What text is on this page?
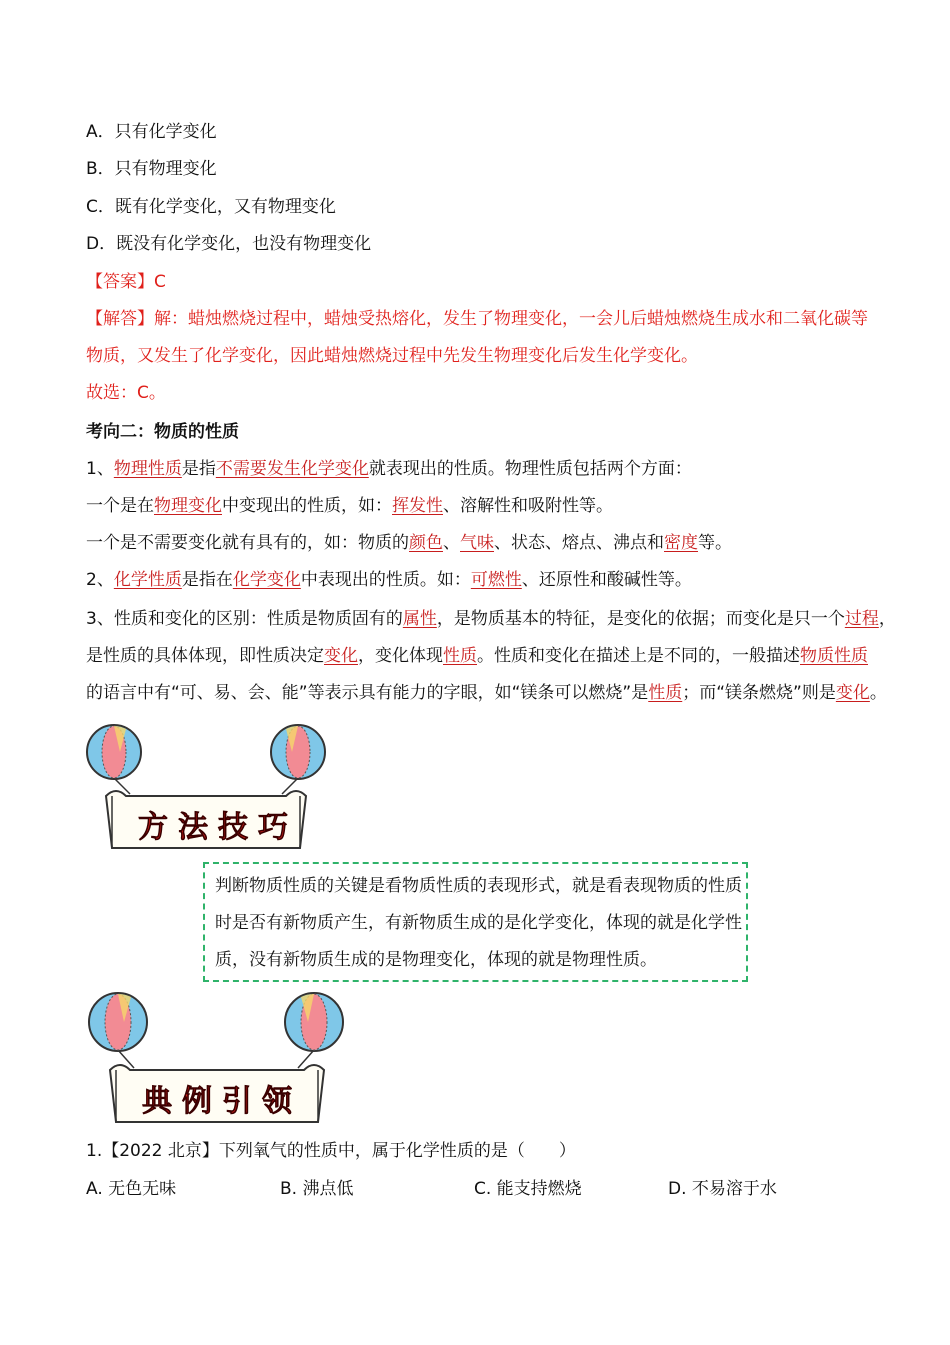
A．只有化学变化
B．只有物理变化
C．既有化学变化，又有物理变化
D．既没有化学变化，也没有物理变化
【答案】C
【解答】解：蜡烛燃烧过程中，蜡烛受热熔化，发生了物理变化，一会儿后蜡烛燃烧生成水和二氧化碳等
物质，又发生了化学变化，因此蜡烛燃烧过程中先发生物理变化后发生化学变化。
故选：C。
考向二：物质的性质
1、物理性质是指不需要发生化学变化就表现出的性质。物理性质包括两个方面：
一个是在物理变化中变现出的性质，如：挥发性、溶解性和吸附性等。
一个是不需要变化就有具有的，如：物质的颜色、气味、状态、熔点、沸点和密度等。
2、化学性质是指在化学变化中表现出的性质。如：可燃性、还原性和酸碱性等。
3、性质和变化的区别：性质是物质固有的属性，是物质基本的特征，是变化的依据；而变化是只一个过程，
是性质的具体体现，即性质决定变化，变化体现性质。性质和变化在描述上是不同的，一般描述物质性质
的语言中有“可、易、会、能”等表示具有能力的字眼，如“镁条可以燃烧”是性质；而“镁条燃烧”则是变化。
方法技巧
判断物质性质的关键是看物质性质的表现形式，就是看表现物质的性质
时是否有新物质产生，有新物质生成的是化学变化，体现的就是化学性
质，没有新物质生成的是物理变化，体现的就是物理性质。
典例引领
1.【2022 北京】下列氧气的性质中，属于化学性质的是（　　）
A. 无色无味	B. 沸点低	C. 能支持燃烧	D. 不易溶于水
